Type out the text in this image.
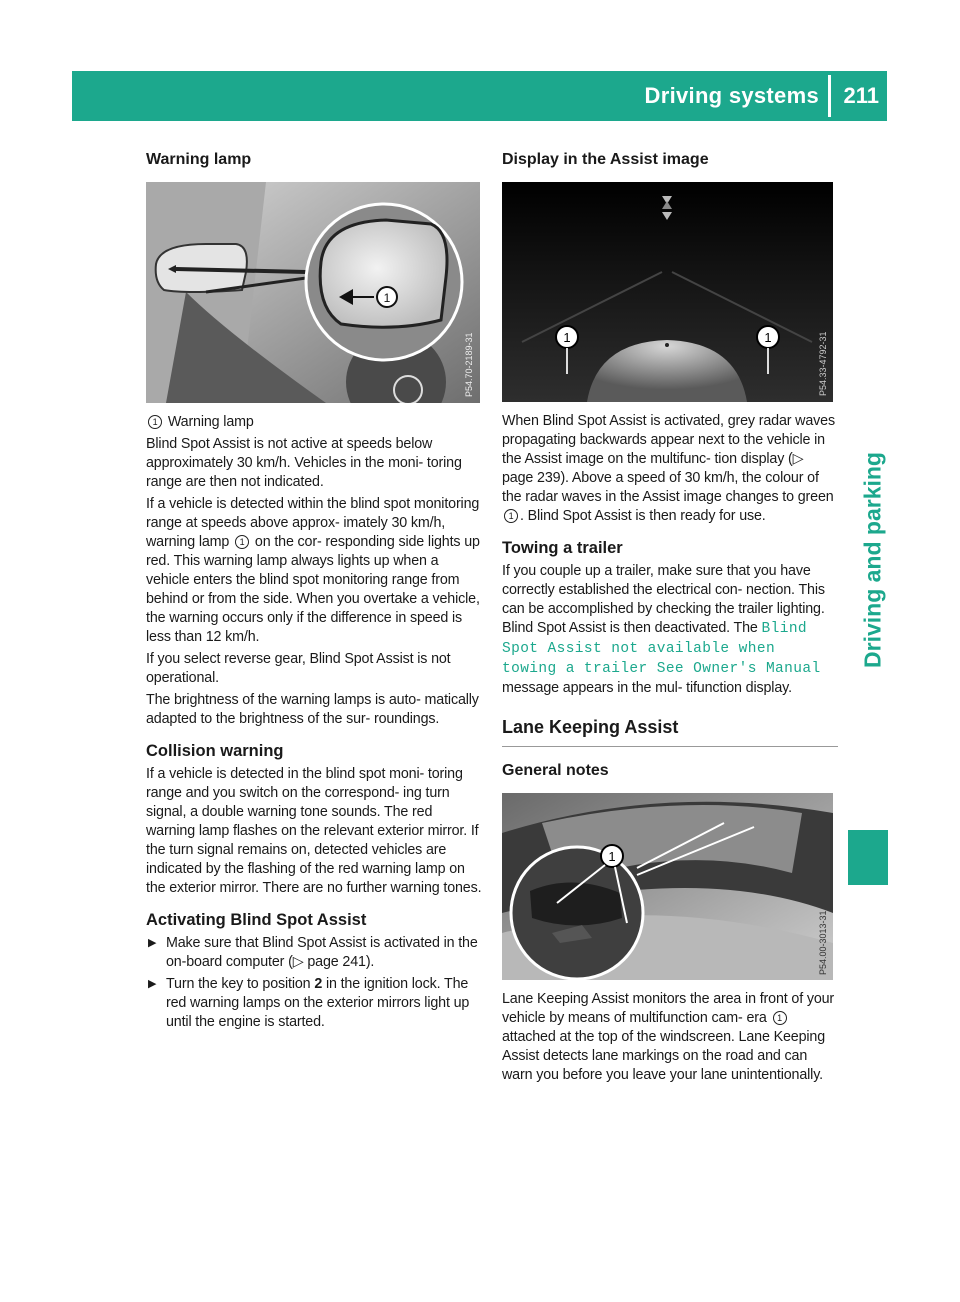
Driving systems 211
Driving and parking
Warning lamp
1
P54.70-2189-31

1 Warning lamp

Blind Spot Assist is not active at speeds below approximately 30 km/h. Vehicles in the moni- toring range are then not indicated.

If a vehicle is detected within the blind spot monitoring range at speeds above approx- imately 30 km/h, warning lamp 1 on the cor- responding side lights up red. This warning lamp always lights up when a vehicle enters the blind spot monitoring range from behind or from the side. When you overtake a vehicle, the warning occurs only if the difference in speed is less than 12 km/h.

If you select reverse gear, Blind Spot Assist is not operational.

The brightness of the warning lamps is auto- matically adapted to the brightness of the sur- roundings.

Collision warning

If a vehicle is detected in the blind spot moni- toring range and you switch on the correspond- ing turn signal, a double warning tone sounds. The red warning lamp flashes on the relevant exterior mirror. If the turn signal remains on, detected vehicles are indicated by the flashing of the red warning lamp on the exterior mirror. There are no further warning tones.

Activating Blind Spot Assist

▶ Make sure that Blind Spot Assist is activated in the on-board computer (▷ page 241).

▶ Turn the key to position 2 in the ignition lock. The red warning lamps on the exterior mirrors light up until the engine is started.

Display in the Assist image
1	1	P54.33-4792-31

When Blind Spot Assist is activated, grey radar waves propagating backwards appear next to the vehicle in the Assist image on the multifunc- tion display (▷ page 239). Above a speed of 30 km/h, the colour of the radar waves in the Assist image changes to green 1 . Blind Spot Assist is then ready for use.

Towing a trailer

If you couple up a trailer, make sure that you have correctly established the electrical con- nection. This can be accomplished by checking the trailer lighting. Blind Spot Assist is then deactivated. The Blind Spot Assist not available when towing a trailer See Owner's Manual message appears in the mul- tifunction display.

Lane Keeping Assist
General notes
1
P54.00-3013-31

Lane Keeping Assist monitors the area in front of your vehicle by means of multifunction cam- era 1 attached at the top of the windscreen. Lane Keeping Assist detects lane markings on the road and can warn you before you leave your lane unintentionally.
